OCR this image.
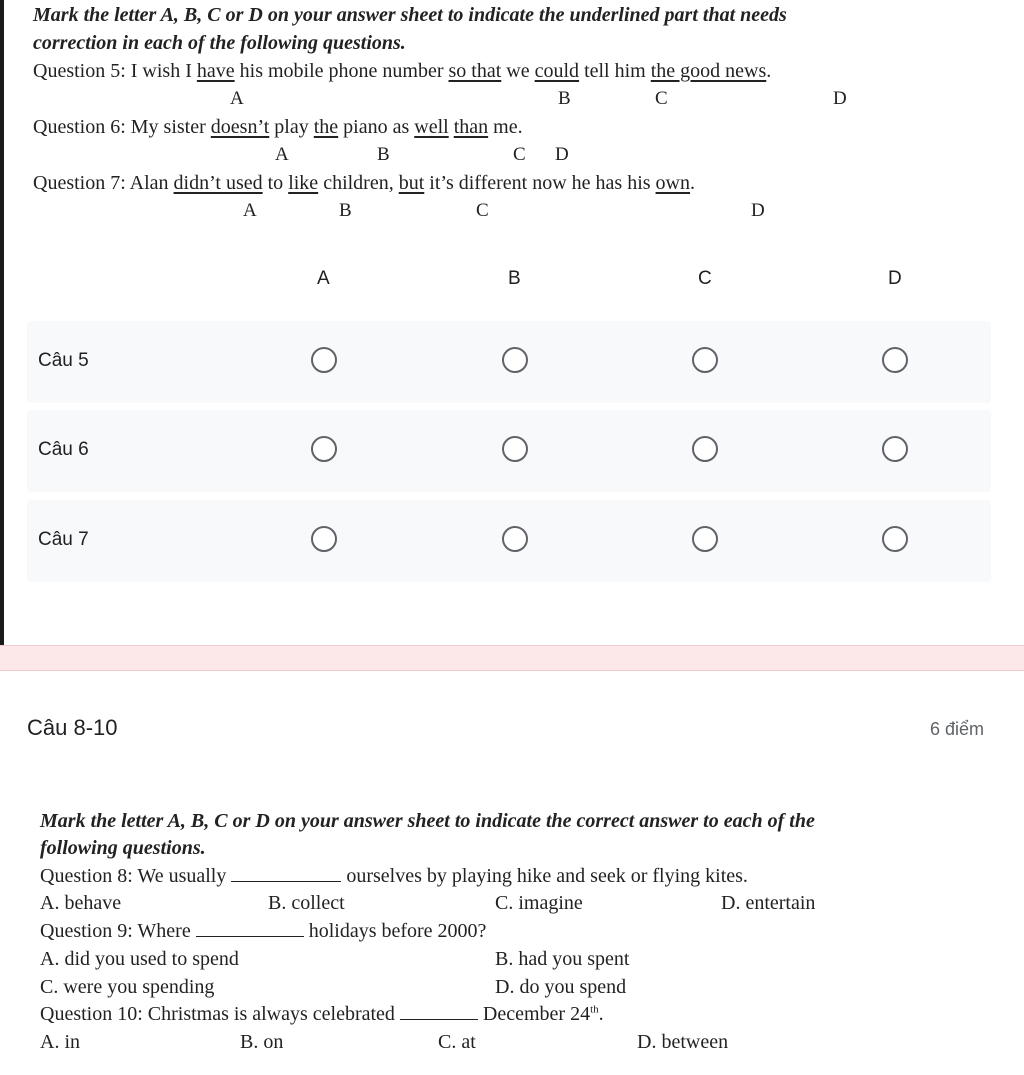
Mark the letter A, B, C or D on your answer sheet to indicate the underlined part that needs
correction in each of the following questions.
Question 5: I wish I have his mobile phone number so that we could tell him the good news.
A	B	C	D
Question 6: My sister doesn’t play the piano as well than me.
A	B	C D
Question 7: Alan didn’t used to like children, but it’s different now he has his own.
A	B	C	D
A	B	C	D
Câu 5
Câu 6
Câu 7
Câu 8-10	6 điểm
Mark the letter A, B, C or D on your answer sheet to indicate the correct answer to each of the
following questions.
Question 8: We usually	ourselves by playing hike and seek or flying kites.
A. behave	B. collect	C. imagine	D. entertain
Question 9: Where	holidays before 2000?
A. did you used to spend	B. had you spent
C. were you spending	D. do you spend
Question 10: Christmas is always celebrated	December 24th.
A. in	B. on	C. at	D. between
